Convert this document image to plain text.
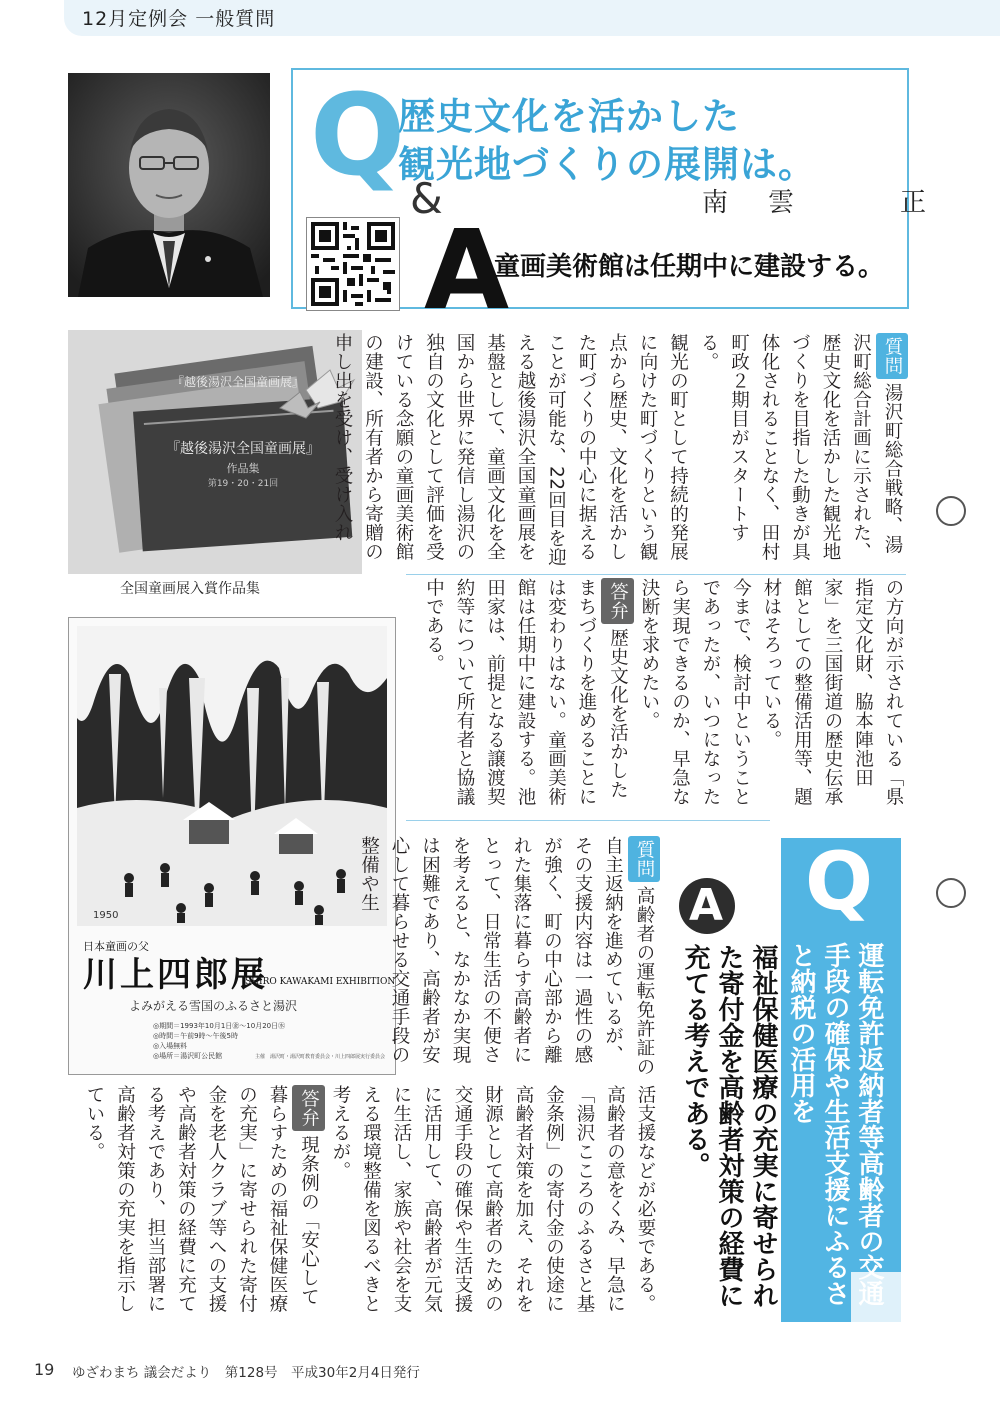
12月定例会 一般質問
Q &
A
歴史文化を活かした
観光地づくりの展開は。
南雲　正
童画美術館は任期中に建設する。
『越後湯沢全国童画展』
『越後湯沢全国童画展』
作品集
第19・20・21回
全国童画展入賞作品集
1950
日本童画の父
川上四郎展
SHIRO KAWAKAMI EXHIBITION
よみがえる雪国のふるさと湯沢
◎期間＝1993年10月1日㊎～10月20日㊌
◎時間＝午前9時～午後5時
◎入場無料
◎場所＝湯沢町公民館	主催　湯沢町・湯沢町教育委員会・川上四郎展実行委員会
質問湯沢町総合戦略、湯沢町総合計画に示された、歴史文化を活かした観光地づくりを目指した動きが具体化されることなく、田村町政２期目がスタートする。
観光の町として持続的発展に向けた町づくりという観点から歴史、文化を活かした町づくりの中心に据えることが可能な、22回目を迎える越後湯沢全国童画展を基盤として、童画文化を全国から世界に発信し湯沢の独自の文化として評価を受けている念願の童画美術館の建設、所有者から寄贈の申し出を受け、受け入れ
の方向が示されている「県指定文化財、脇本陣池田家」を三国街道の歴史伝承館としての整備活用等、題材はそろっている。
今まで、検討中ということであったが、いつになったら実現できるのか、早急な決断を求めたい。
答弁歴史文化を活かしたまちづくりを進めることには変わりはない。童画美術館は任期中に建設する。池田家は、前提となる譲渡契約等について所有者と協議中である。
質問高齢者の運転免許証の自主返納を進めているが、その支援内容は一過性の感が強く、町の中心部から離れた集落に暮らす高齢者にとって、日常生活の不便さを考えると、なかなか実現は困難であり、高齢者が安心して暮らせる交通手段の整備や生
活支援などが必要である。
高齢者の意をくみ、早急に「湯沢こころのふるさと基金条例」の寄付金の使途に高齢者対策を加え、それを財源として高齢者のための交通手段の確保や生活支援に活用して、高齢者が元気に生活し、家族や社会を支える環境整備を図るべきと考えるが。
答弁現条例の「安心して暮らすための福祉保健医療の充実」に寄せられた寄付金を老人クラブ等への支援や高齢者対策の経費に充てる考えであり、担当部署に高齢者対策の充実を指示している。
Q
運転免許返納者等高齢者の交通手段の確保や生活支援にふるさと納税の活用を
A
福祉保健医療の充実に寄せられた寄付金を高齢者対策の経費に充てる考えである。
19 ゆざわまち 議会だより　第128号　平成30年2月4日発行
